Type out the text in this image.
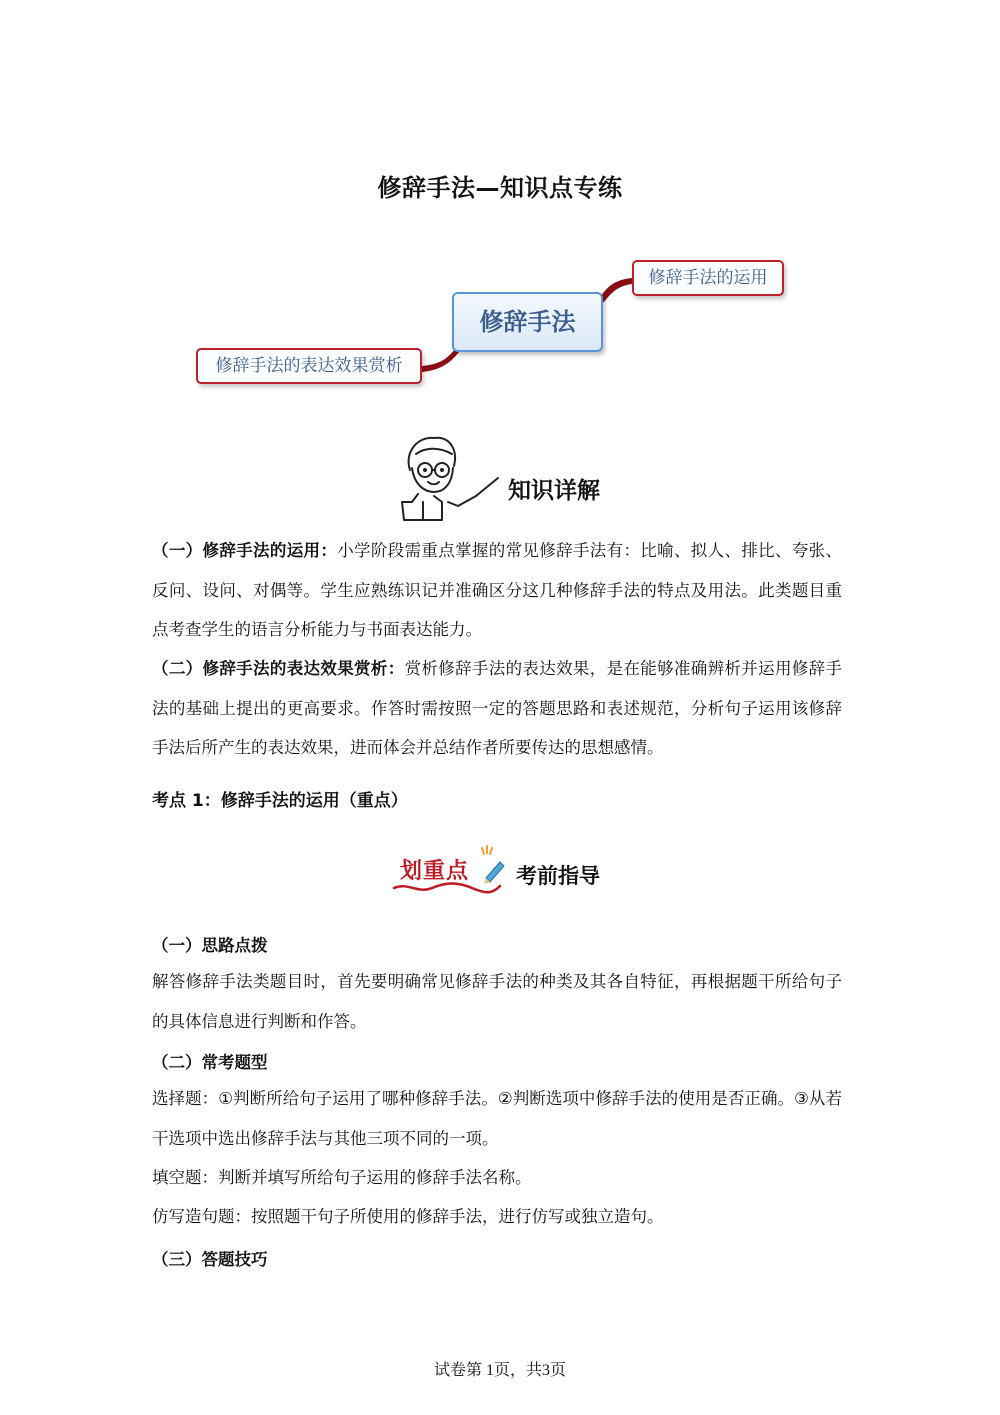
修辞手法—知识点专练
修辞手法
修辞手法的运用
修辞手法的表达效果赏析
知识详解
（一）修辞手法的运用：小学阶段需重点掌握的常见修辞手法有：比喻、拟人、排比、夸张、反问、设问、对偶等。学生应熟练识记并准确区分这几种修辞手法的特点及用法。此类题目重点考查学生的语言分析能力与书面表达能力。
（二）修辞手法的表达效果赏析：赏析修辞手法的表达效果，是在能够准确辨析并运用修辞手法的基础上提出的更高要求。作答时需按照一定的答题思路和表述规范，分析句子运用该修辞手法后所产生的表达效果，进而体会并总结作者所要传达的思想感情。
考点 1：修辞手法的运用（重点）
划重点 考前指导
（一）思路点拨
解答修辞手法类题目时，首先要明确常见修辞手法的种类及其各自特征，再根据题干所给句子的具体信息进行判断和作答。
（二）常考题型
选择题：①判断所给句子运用了哪种修辞手法。②判断选项中修辞手法的使用是否正确。③从若干选项中选出修辞手法与其他三项不同的一项。
填空题：判断并填写所给句子运用的修辞手法名称。
仿写造句题：按照题干句子所使用的修辞手法，进行仿写或独立造句。
（三）答题技巧
试卷第 1页，共3页
